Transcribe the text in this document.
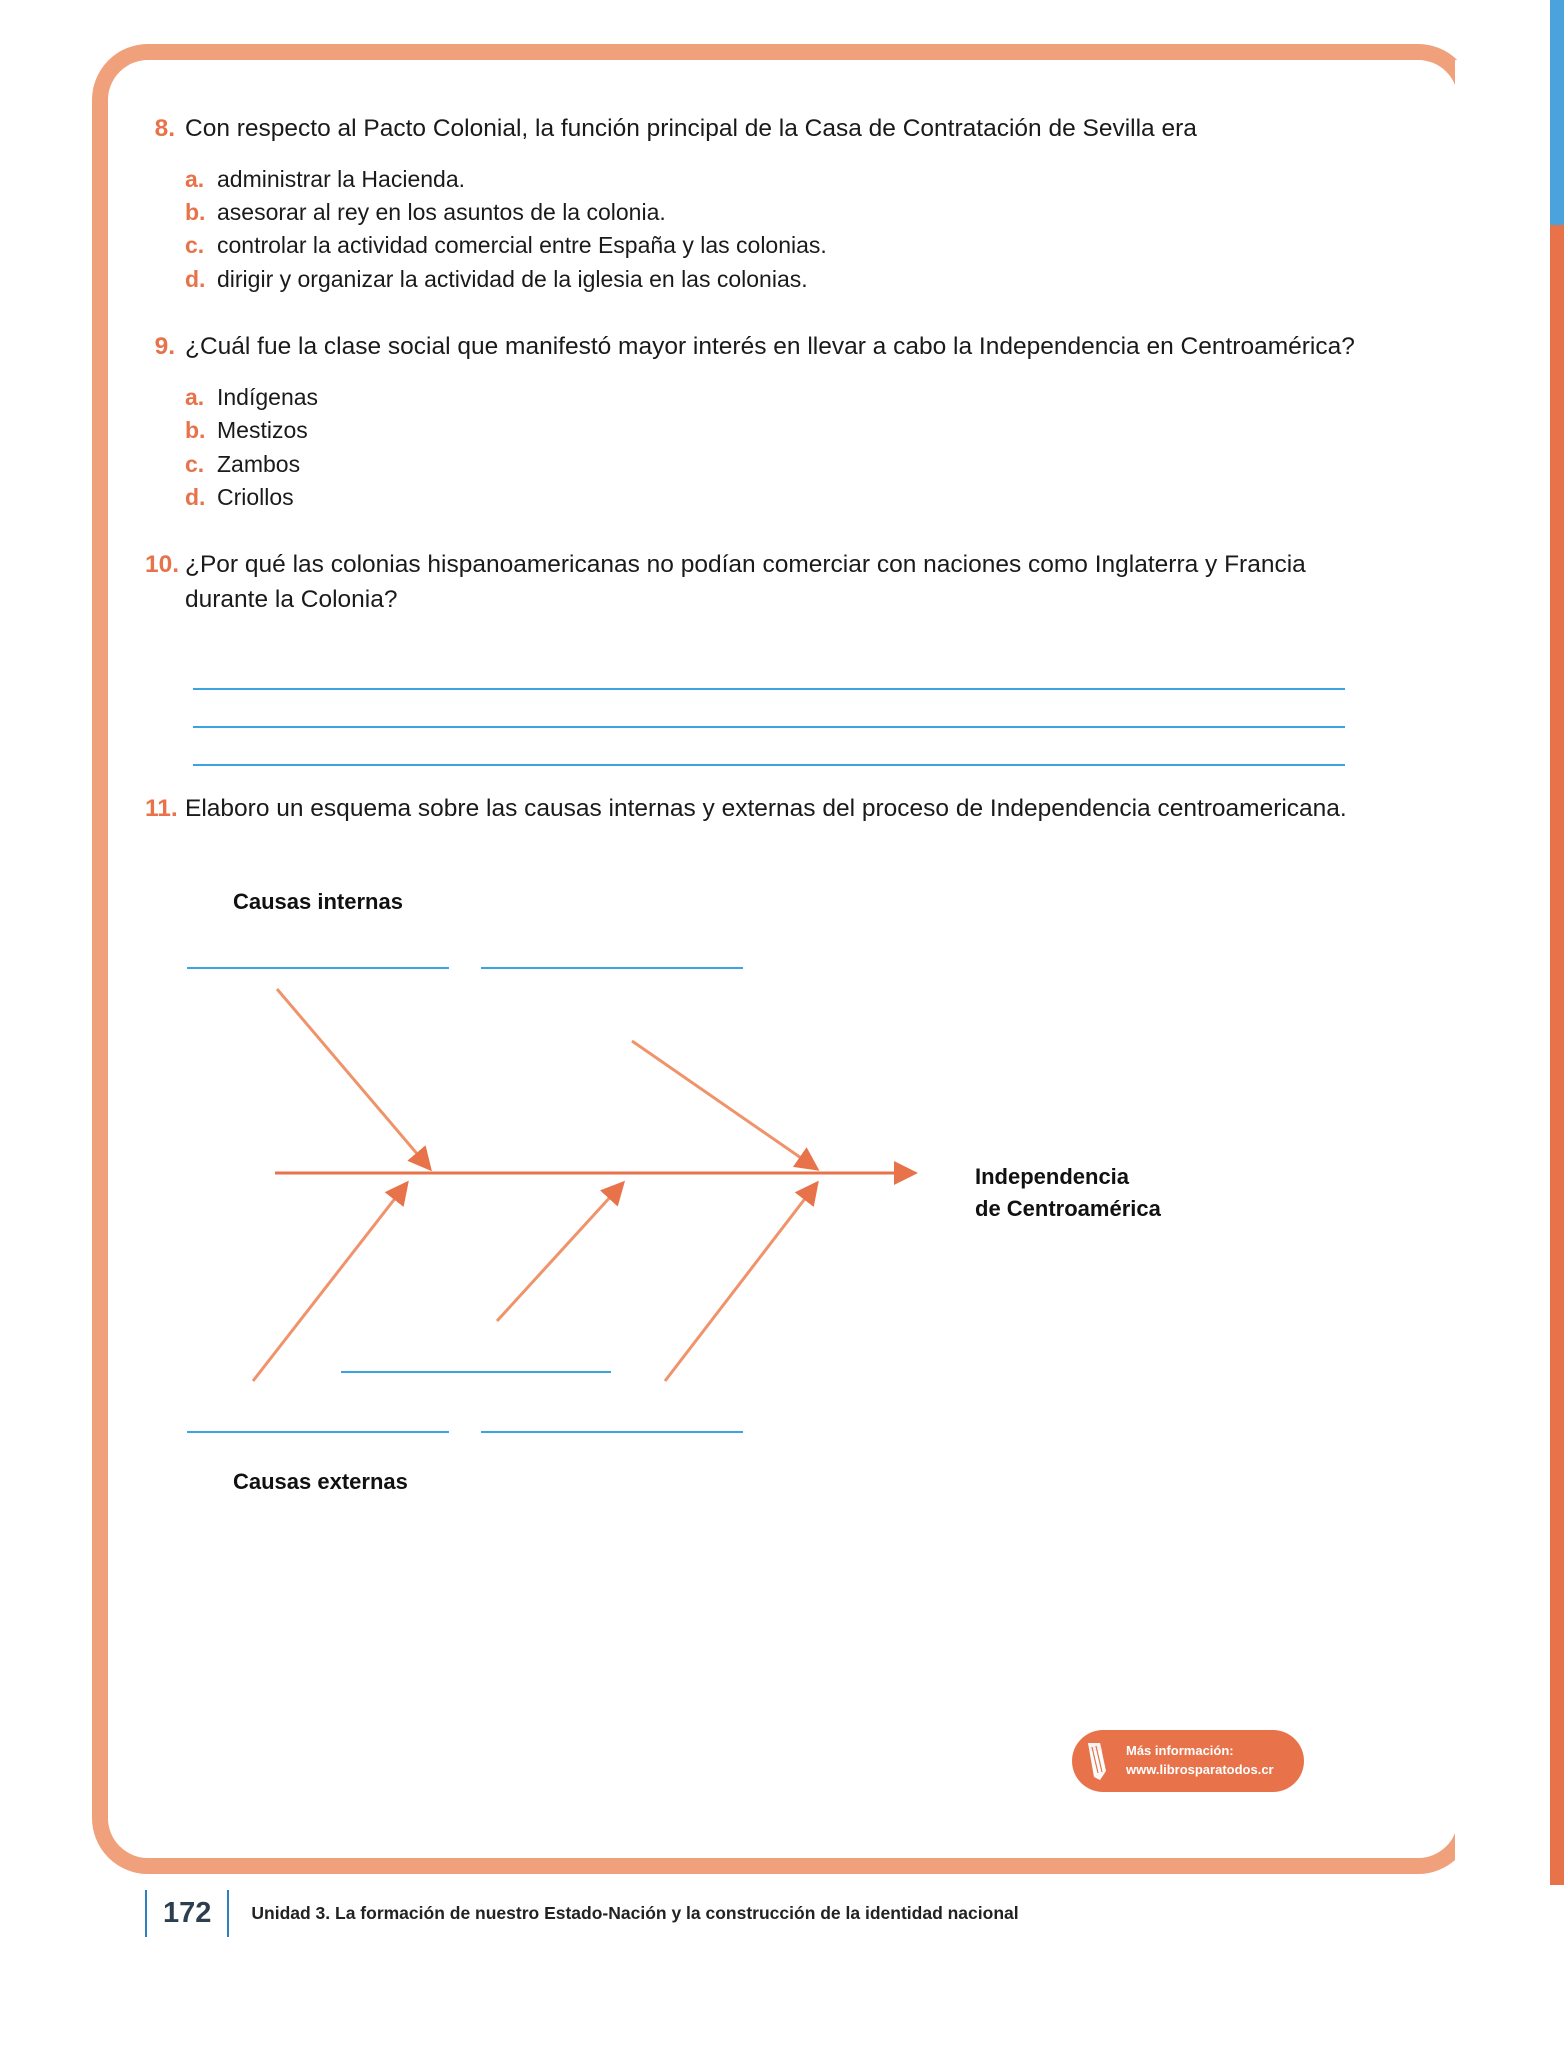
8. Con respecto al Pacto Colonial, la función principal de la Casa de Contratación de Sevilla era
a. administrar la Hacienda.
b. asesorar al rey en los asuntos de la colonia.
c. controlar la actividad comercial entre España y las colonias.
d. dirigir y organizar la actividad de la iglesia en las colonias.
9. ¿Cuál fue la clase social que manifestó mayor interés en llevar a cabo la Independencia en Centroamérica?
a. Indígenas
b. Mestizos
c. Zambos
d. Criollos
10. ¿Por qué las colonias hispanoamericanas no podían comerciar con naciones como Inglaterra y Francia durante la Colonia?
11. Elaboro un esquema sobre las causas internas y externas del proceso de Independencia centroamericana.
Causas internas
Causas externas
Independencia
de Centroamérica
Más información:
www.librosparatodos.cr
172	Unidad 3. La formación de nuestro Estado-Nación y la construcción de la identidad nacional
